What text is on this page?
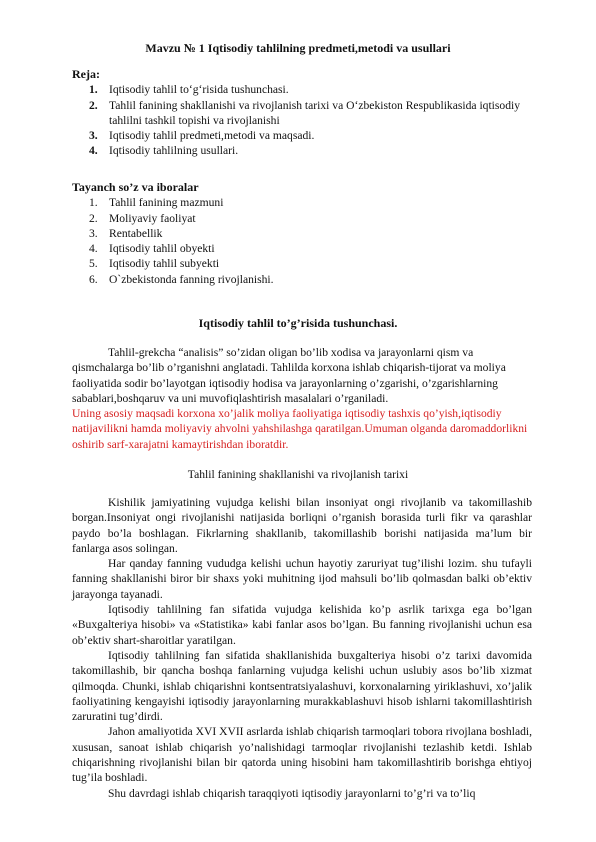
Mavzu № 1 Iqtisodiy tahlilning predmeti,metodi va usullari

Reja:

1. Iqtisodiy tahlil to‘g‘risida tushunchasi.
2. Tahlil fanining shakllanishi va rivojlanish tarixi va O‘zbekiston Respublikasida iqtisodiy tahlilni tashkil topishi va rivojlanishi
3. Iqtisodiy tahlil predmeti,metodi va maqsadi.
4. Iqtisodiy tahlilning usullari.

Tayanch so’z va iboralar

1. Tahlil fanining mazmuni
2. Moliyaviy faoliyat
3. Rentabellik
4. Iqtisodiy tahlil obyekti
5. Iqtisodiy tahlil subyekti
6. O`zbekistonda fanning rivojlanishi.
Iqtisodiy tahlil to’g’risida tushunchasi.

Tahlil-grekcha “analisis” so’zidan oligan bo’lib xodisa va jarayonlarni qism va qismchalarga bo’lib o’rganishni anglatadi. Tahlilda korxona ishlab chiqarish-tijorat va moliya faoliyatida sodir bo’layotgan iqtisodiy hodisa va jarayonlarning o’zgarishi, o’zgarishlarning sabablari,boshqaruv va uni muvofiqlashtirish masalalari o’rganiladi.

Uning asosiy maqsadi korxona xo’jalik moliya faoliyatiga iqtisodiy tashxis qo’yish,iqtisodiy natijavilikni hamda moliyaviy ahvolni yahshilashga qaratilgan.Umuman olganda daromaddorlikni oshirib sarf-xarajatni kamaytirishdan iboratdir.

Tahlil fanining shakllanishi va rivojlanish tarixi

Kishilik jamiyatining vujudga kelishi bilan insoniyat ongi rivojlanib va takomillashib borgan.Insoniyat ongi rivojlanishi natijasida borliqni o’rganish borasida turli fikr va qarashlar paydo bo’la boshlagan. Fikrlarning shakllanib, takomillashib borishi natijasida ma’lum bir fanlarga asos solingan.

Har qanday fanning vududga kelishi uchun hayotiy zaruriyat tug’ilishi lozim. shu tufayli fanning shakllanishi biror bir shaxs yoki muhitning ijod mahsuli bo’lib qolmasdan balki ob’ektiv jarayonga tayanadi.

Iqtisodiy tahlilning fan sifatida vujudga kelishida ko’p asrlik tarixga ega bo’lgan «Buxgalteriya hisobi» va «Statistika» kabi fanlar asos bo’lgan. Bu fanning rivojlanishi uchun esa ob’ektiv shart-sharoitlar yaratilgan.

Iqtisodiy tahlilning fan sifatida shakllanishida buxgalteriya hisobi o’z tarixi davomida takomillashib, bir qancha boshqa fanlarning vujudga kelishi uchun uslubiy asos bo’lib xizmat qilmoqda. Chunki, ishlab chiqarishni kontsentratsiyalashuvi, korxonalarning yiriklashuvi, xo’jalik faoliyatining kengayishi iqtisodiy jarayonlarning murakkablashuvi hisob ishlarni takomillashtirish zaruratini tug’dirdi.

Jahon amaliyotida XVI XVII asrlarda ishlab chiqarish tarmoqlari tobora rivojlana boshladi, xususan, sanoat ishlab chiqarish yo’nalishidagi tarmoqlar rivojlanishi tezlashib ketdi. Ishlab chiqarishning rivojlanishi bilan bir qatorda uning hisobini ham takomillashtirib borishga ehtiyoj tug’ila boshladi.

Shu davrdagi ishlab chiqarish taraqqiyoti iqtisodiy jarayonlarni to’g’ri va to’liq
